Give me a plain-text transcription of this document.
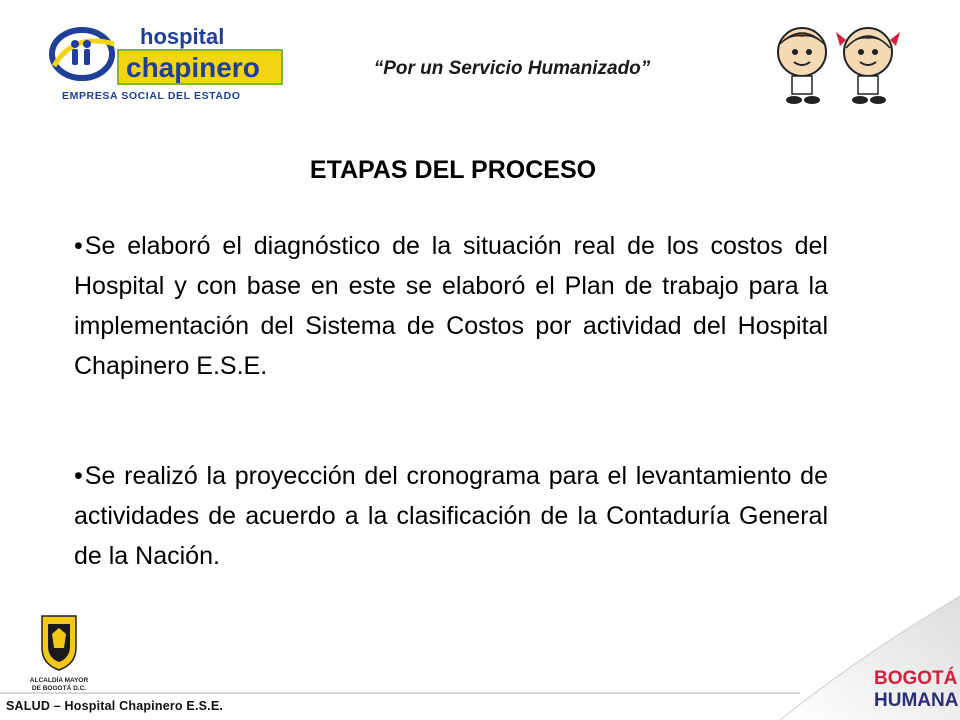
hospital
chapinero
EMPRESA SOCIAL DEL ESTADO
“Por un Servicio Humanizado”
ETAPAS DEL PROCESO
•Se elaboró el diagnóstico de la situación real de los costos del Hospital y con base en este se elaboró el Plan de trabajo para la implementación del Sistema de Costos por actividad del Hospital Chapinero E.S.E.
•Se realizó la proyección del cronograma para el levantamiento de actividades de acuerdo a la clasificación de la Contaduría General de la Nación.
ALCALDÍA MAYOR
DE BOGOTÁ D.C.	BOGOTÁ
HUMANA
SALUD – Hospital Chapinero E.S.E.
